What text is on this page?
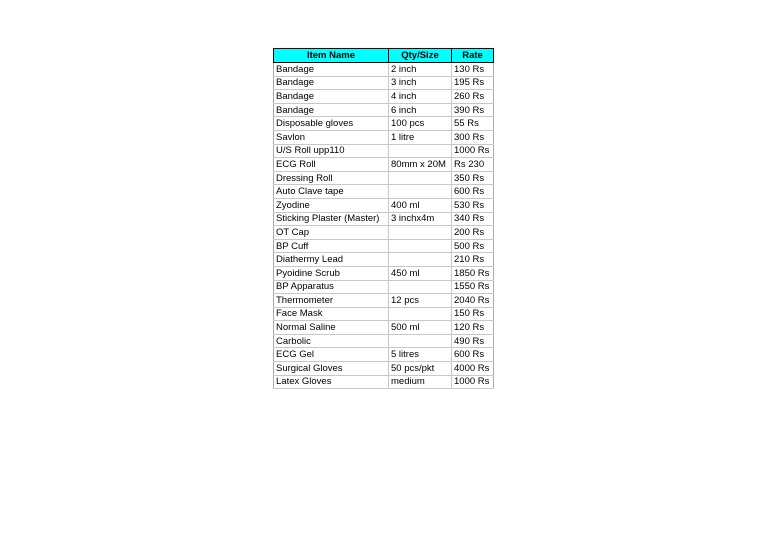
Item Name	Qty/Size	Rate
Bandage	2 inch	130 Rs
Bandage	3 inch	195 Rs
Bandage	4 inch	260 Rs
Bandage	6 inch	390 Rs
Disposable gloves	100 pcs	55 Rs
Savlon	1 litre	300 Rs
U/S Roll upp110		1000 Rs
ECG Roll	80mm x 20M	Rs 230
Dressing Roll		350 Rs
Auto Clave tape		600 Rs
Zyodine	400 ml	530 Rs
Sticking Plaster (Master)	3 inchx4m	340 Rs
OT Cap		200 Rs
BP Cuff		500 Rs
Diathermy Lead		210 Rs
Pyoidine Scrub	450 ml	1850 Rs
BP Apparatus		1550 Rs
Thermometer	12 pcs	2040 Rs
Face Mask		150 Rs
Normal Saline	500 ml	120 Rs
Carbolic		490 Rs
ECG Gel	5 litres	600 Rs
Surgical Gloves	50 pcs/pkt	4000 Rs
Latex Gloves	medium	1000 Rs
